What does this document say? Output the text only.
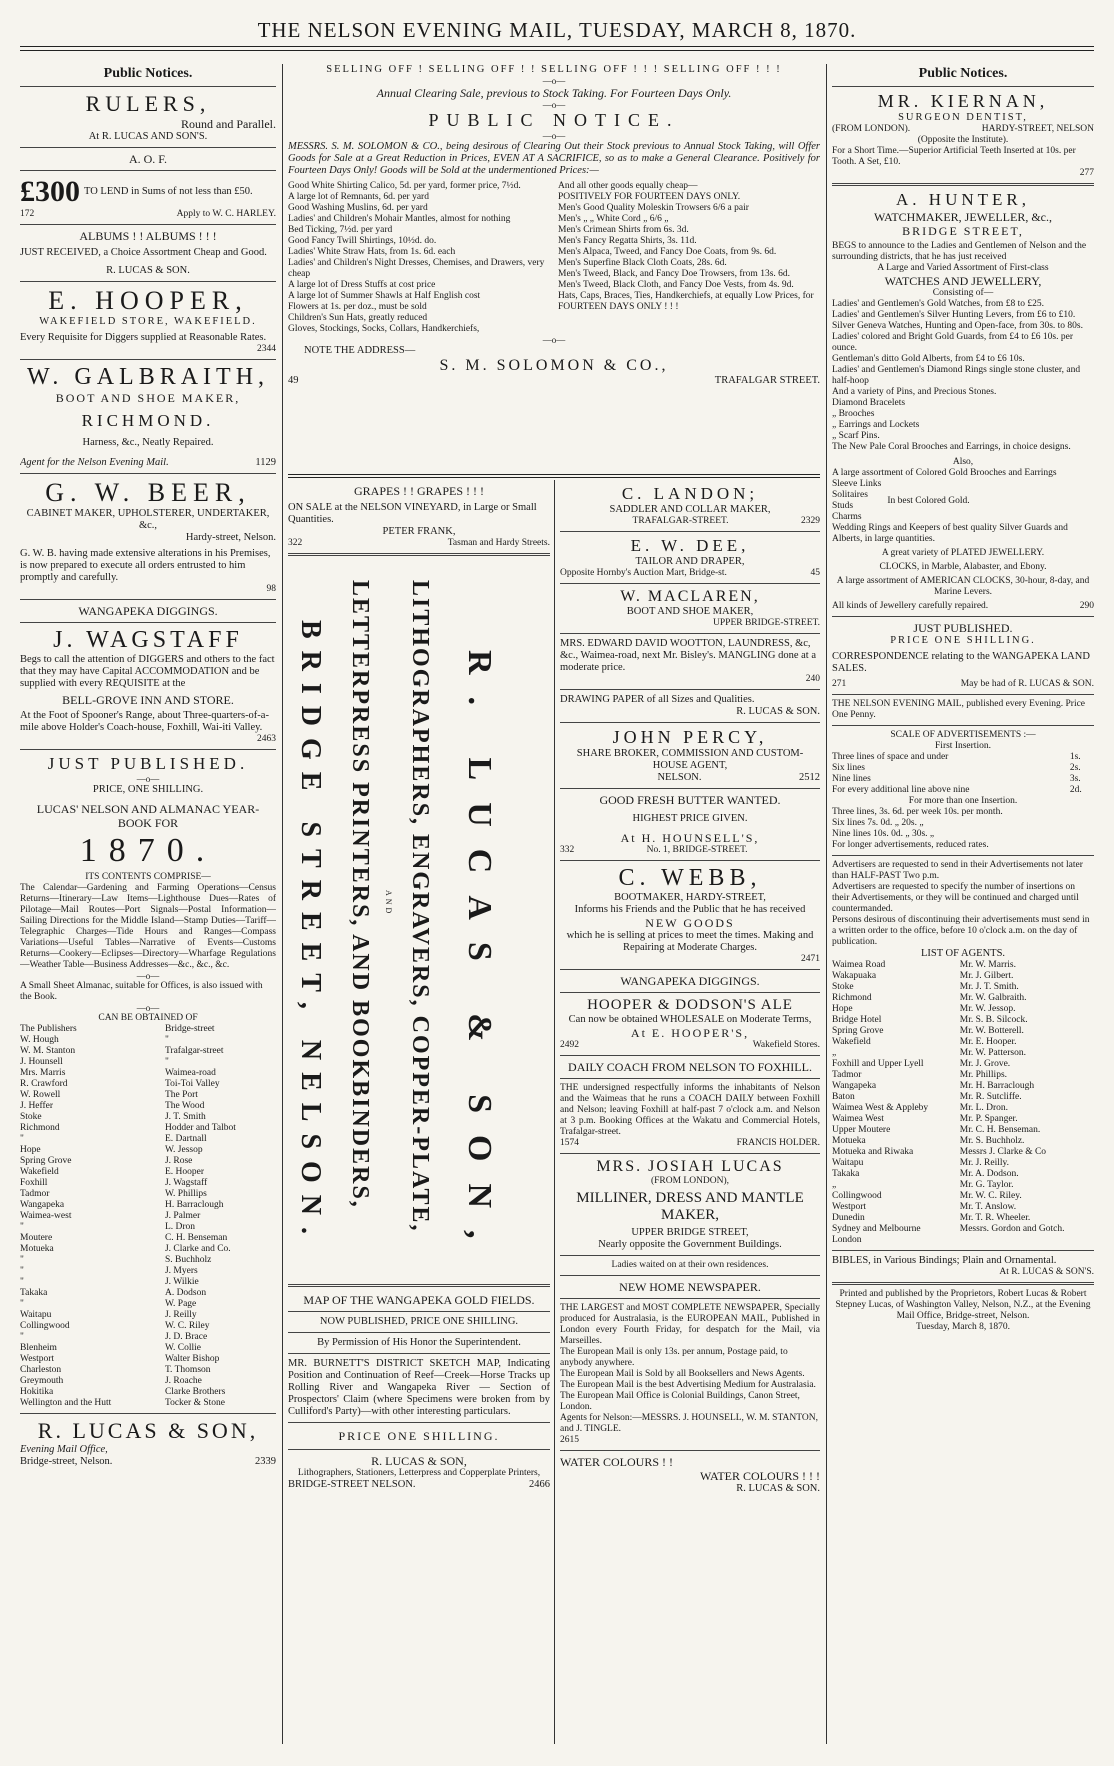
THE NELSON EVENING MAIL, TUESDAY, MARCH 8, 1870.
Public Notices.
RULERS,
Round and Parallel.
At R. LUCAS AND SON'S.
A. O. F.
£300 TO LEND in Sums of not less than £50.
172	Apply to W. C. HARLEY.
ALBUMS ! ! ALBUMS ! ! !
JUST RECEIVED, a Choice Assortment Cheap and Good.
R. LUCAS & SON.
E. HOOPER,
WAKEFIELD STORE, WAKEFIELD.
Every Requisite for Diggers supplied at Reasonable Rates.
2344
W. GALBRAITH,
BOOT AND SHOE MAKER,
RICHMOND.
Harness, &c., Neatly Repaired.
Agent for the Nelson Evening Mail.	1129
G. W. BEER,
CABINET MAKER, UPHOLSTERER, UNDERTAKER, &c.,
Hardy-street, Nelson.
G. W. B. having made extensive alterations in his Premises, is now prepared to execute all orders entrusted to him promptly and carefully.
98
WANGAPEKA DIGGINGS.
J. WAGSTAFF
Begs to call the attention of DIGGERS and others to the fact that they may have Capital ACCOMMODATION and be supplied with every REQUISITE at the
BELL-GROVE INN AND STORE.
At the Foot of Spooner's Range, about Three-quarters-of-a-mile above Holder's Coach-house, Foxhill, Wai-iti Valley.
2463
JUST PUBLISHED.
—o—
PRICE, ONE SHILLING.
LUCAS' NELSON AND ALMANAC YEAR-BOOK FOR
1870.
ITS CONTENTS COMPRISE—
The Calendar—Gardening and Farming Operations—Census Returns—Itinerary—Law Items—Lighthouse Dues—Rates of Pilotage—Mail Routes—Port Signals—Postal Information—Sailing Directions for the Middle Island—Stamp Duties—Tariff—Telegraphic Charges—Tide Hours and Ranges—Compass Variations—Useful Tables—Narrative of Events—Customs Returns—Cookery—Eclipses—Directory—Wharfage Regulations—Weather Table—Business Addresses—&c., &c., &c.
—o—
A Small Sheet Almanac, suitable for Offices, is also issued with the Book.
—o—
CAN BE OBTAINED OF
The Publishers	Bridge-street
W. Hough	"
W. M. Stanton	Trafalgar-street
J. Hounsell	"
Mrs. Marris	Waimea-road
R. Crawford	Toi-Toi Valley
W. Rowell	The Port
J. Heffer	The Wood
Stoke	J. T. Smith
Richmond	Hodder and Talbot
"	E. Dartnall
Hope	W. Jessop
Spring Grove	J. Rose
Wakefield	E. Hooper
Foxhill	J. Wagstaff
Tadmor	W. Phillips
Wangapeka	H. Barraclough
Waimea-west	J. Palmer
"	L. Dron
Moutere	C. H. Benseman
Motueka	J. Clarke and Co.
"	S. Buchholz
"	J. Myers
"	J. Wilkie
Takaka	A. Dodson
"	W. Page
Waitapu	J. Reilly
Collingwood	W. C. Riley
"	J. D. Brace
Blenheim	W. Collie
Westport	Walter Bishop
Charleston	T. Thomson
Greymouth	J. Roache
Hokitika	Clarke Brothers
Wellington and the Hutt	Tocker & Stone
R. LUCAS & SON,
Evening Mail Office,
Bridge-street, Nelson.	2339
SELLING OFF ! SELLING OFF ! ! SELLING OFF ! ! ! SELLING OFF ! ! !
—o—
Annual Clearing Sale, previous to Stock Taking. For Fourteen Days Only.
—o—
PUBLIC NOTICE.
—o—
MESSRS. S. M. SOLOMON & CO., being desirous of Clearing Out their Stock previous to Annual Stock Taking, will Offer Goods for Sale at a Great Reduction in Prices, EVEN AT A SACRIFICE, so as to make a General Clearance. Positively for Fourteen Days Only! Goods will be Sold at the undermentioned Prices:—
Good White Shirting Calico, 5d. per yard, former price, 7½d.
A large lot of Remnants, 6d. per yard
Good Washing Muslins, 6d. per yard
Ladies' and Children's Mohair Mantles, almost for nothing
Bed Ticking, 7½d. per yard
Good Fancy Twill Shirtings, 10½d. do.
Ladies' White Straw Hats, from 1s. 6d. each
Ladies' and Children's Night Dresses, Chemises, and Drawers, very cheap
A large lot of Dress Stuffs at cost price
A large lot of Summer Shawls at Half English cost
Flowers at 1s. per doz., must be sold
Children's Sun Hats, greatly reduced
Gloves, Stockings, Socks, Collars, Handkerchiefs,
And all other goods equally cheap—
POSITIVELY FOR FOURTEEN DAYS ONLY.
Men's Good Quality Moleskin Trowsers 6/6 a pair
Men's „ „ White Cord „ 6/6 „
Men's Crimean Shirts from 6s. 3d.
Men's Fancy Regatta Shirts, 3s. 11d.
Men's Alpaca, Tweed, and Fancy Doe Coats, from 9s. 6d.
Men's Superfine Black Cloth Coats, 28s. 6d.
Men's Tweed, Black, and Fancy Doe Trowsers, from 13s. 6d.
Men's Tweed, Black Cloth, and Fancy Doe Vests, from 4s. 9d.
Hats, Caps, Braces, Ties, Handkerchiefs, at equally Low Prices, for
FOURTEEN DAYS ONLY ! ! !
—o—
NOTE THE ADDRESS—
S. M. SOLOMON & CO.,
49	TRAFALGAR STREET.
GRAPES ! ! GRAPES ! ! !
ON SALE at the NELSON VINEYARD, in Large or Small Quantities.
PETER FRANK,
322	Tasman and Hardy Streets.
R. LUCAS & SON,
LITHOGRAPHERS, ENGRAVERS, COPPER-PLATE,
AND
LETTERPRESS PRINTERS, AND BOOKBINDERS,
BRIDGE STREET, NELSON.
MAP OF THE WANGAPEKA GOLD FIELDS.
NOW PUBLISHED, PRICE ONE SHILLING.
By Permission of His Honor the Superintendent.
MR. BURNETT'S DISTRICT SKETCH MAP, Indicating Position and Continuation of Reef—Creek—Horse Tracks up Rolling River and Wangapeka River — Section of Prospectors' Claim (where Specimens were broken from by Culliford's Party)—with other interesting particulars.
PRICE ONE SHILLING.
R. LUCAS & SON,
Lithographers, Stationers, Letterpress and Copperplate Printers,
BRIDGE-STREET NELSON.	2466
C. LANDON;
SADDLER AND COLLAR MAKER,
TRAFALGAR-STREET.	2329
E. W. DEE,
TAILOR AND DRAPER,
Opposite Hornby's Auction Mart, Bridge-st.	45
W. MACLAREN,
BOOT AND SHOE MAKER,
UPPER BRIDGE-STREET.
MRS. EDWARD DAVID WOOTTON, LAUNDRESS, &c, &c., Waimea-road, next Mr. Bisley's. MANGLING done at a moderate price.
240
DRAWING PAPER of all Sizes and Qualities.
R. LUCAS & SON.
JOHN PERCY,
SHARE BROKER, COMMISSION AND CUSTOM-HOUSE AGENT,
NELSON.	2512
GOOD FRESH BUTTER WANTED.
HIGHEST PRICE GIVEN.
At H. HOUNSELL'S,
332	No. 1, BRIDGE-STREET.
C. WEBB,
BOOTMAKER, HARDY-STREET,
Informs his Friends and the Public that he has received
NEW GOODS
which he is selling at prices to meet the times. Making and Repairing at Moderate Charges.
2471
WANGAPEKA DIGGINGS.
HOOPER & DODSON'S ALE
Can now be obtained WHOLESALE on Moderate Terms,
At E. HOOPER'S,
2492	Wakefield Stores.
DAILY COACH FROM NELSON TO FOXHILL.
THE undersigned respectfully informs the inhabitants of Nelson and the Waimeas that he runs a COACH DAILY between Foxhill and Nelson; leaving Foxhill at half-past 7 o'clock a.m. and Nelson at 3 p.m. Booking Offices at the Wakatu and Commercial Hotels, Trafalgar-street.
1574	FRANCIS HOLDER.
MRS. JOSIAH LUCAS
(FROM LONDON),
MILLINER, DRESS AND MANTLE MAKER,
UPPER BRIDGE STREET,
Nearly opposite the Government Buildings.
Ladies waited on at their own residences.
NEW HOME NEWSPAPER.
THE LARGEST and MOST COMPLETE NEWSPAPER, Specially produced for Australasia, is the EUROPEAN MAIL, Published in London every Fourth Friday, for despatch for the Mail, via Marseilles.
The European Mail is only 13s. per annum, Postage paid, to anybody anywhere.
The European Mail is Sold by all Booksellers and News Agents.
The European Mail is the best Advertising Medium for Australasia.
The European Mail Office is Colonial Buildings, Canon Street, London.
Agents for Nelson:—MESSRS. J. HOUNSELL, W. M. STANTON, and J. TINGLE.
2615
WATER COLOURS ! !
WATER COLOURS ! ! !
R. LUCAS & SON.
Public Notices.
MR. KIERNAN,
SURGEON DENTIST,
(FROM LONDON).	HARDY-STREET, NELSON
(Opposite the Institute).
For a Short Time.—Superior Artificial Teeth Inserted at 10s. per Tooth. A Set, £10.
277
A. HUNTER,
WATCHMAKER, JEWELLER, &c.,
BRIDGE STREET,
BEGS to announce to the Ladies and Gentlemen of Nelson and the surrounding districts, that he has just received
A Large and Varied Assortment of First-class
WATCHES AND JEWELLERY,
Consisting of—
Ladies' and Gentlemen's Gold Watches, from £8 to £25.
Ladies' and Gentlemen's Silver Hunting Levers, from £6 to £10.
Silver Geneva Watches, Hunting and Open-face, from 30s. to 80s.
Ladies' colored and Bright Gold Guards, from £4 to £6 10s. per ounce.
Gentleman's ditto Gold Alberts, from £4 to £6 10s.
Ladies' and Gentlemen's Diamond Rings single stone cluster, and half-hoop
And a variety of Pins, and Precious Stones.
Diamond Bracelets
„ Brooches
„ Earrings and Lockets
„ Scarf Pins.
The New Pale Coral Brooches and Earrings, in choice designs.
Also,
A large assortment of Colored Gold Brooches and Earrings
Sleeve Links
Solitaires
Studs
Charms
In best Colored Gold.
Wedding Rings and Keepers of best quality Silver Guards and Alberts, in large quantities.
A great variety of PLATED JEWELLERY.
CLOCKS, in Marble, Alabaster, and Ebony.
A large assortment of AMERICAN CLOCKS, 30-hour, 8-day, and Marine Levers.
All kinds of Jewellery carefully repaired.	290
JUST PUBLISHED.
PRICE ONE SHILLING.
CORRESPONDENCE relating to the WANGAPEKA LAND SALES.
271	May be had of R. LUCAS & SON.
THE NELSON EVENING MAIL, published every Evening. Price One Penny.
SCALE OF ADVERTISEMENTS :—
First Insertion.
Three lines of space and under	1s.
Six lines	2s.
Nine lines	3s.
For every additional line above nine	2d.
For more than one Insertion.
Three lines, 3s. 6d. per week 10s. per month.
Six lines 7s. 0d. „ 20s. „
Nine lines 10s. 0d. „ 30s. „
For longer advertisements, reduced rates.
Advertisers are requested to send in their Advertisements not later than HALF-PAST Two p.m.
Advertisers are requested to specify the number of insertions on their Advertisements, or they will be continued and charged until countermanded.
Persons desirous of discontinuing their advertisements must send in a written order to the office, before 10 o'clock a.m. on the day of publication.
LIST OF AGENTS.
Waimea Road	Mr. W. Marris.
Wakapuaka	Mr. J. Gilbert.
Stoke	Mr. J. T. Smith.
Richmond	Mr. W. Galbraith.
Hope	Mr. W. Jessop.
Bridge Hotel	Mr. S. B. Silcock.
Spring Grove	Mr. W. Botterell.
Wakefield	Mr. E. Hooper.
„	Mr. W. Patterson.
Foxhill and Upper Lyell	Mr. J. Grove.
Tadmor	Mr. Phillips.
Wangapeka	Mr. H. Barraclough
Baton	Mr. R. Sutcliffe.
Waimea West & Appleby	Mr. L. Dron.
Waimea West	Mr. P. Spanger.
Upper Moutere	Mr. C. H. Benseman.
Motueka	Mr. S. Buchholz.
Motueka and Riwaka	Messrs J. Clarke & Co
Waitapu	Mr. J. Reilly.
Takaka	Mr. A. Dodson.
„	Mr. G. Taylor.
Collingwood	Mr. W. C. Riley.
Westport	Mr. T. Anslow.
Dunedin	Mr. T. R. Wheeler.
Sydney and Melbourne	Messrs. Gordon and Gotch.
London	
BIBLES, in Various Bindings; Plain and Ornamental.
At R. LUCAS & SON'S.
Printed and published by the Proprietors, Robert Lucas & Robert Stepney Lucas, of Washington Valley, Nelson, N.Z., at the Evening Mail Office, Bridge-street, Nelson.
Tuesday, March 8, 1870.
